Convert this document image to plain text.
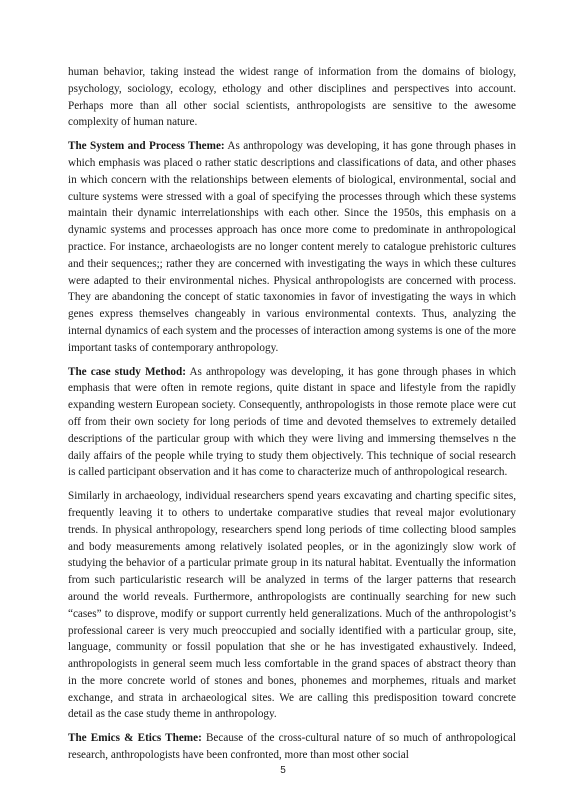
human behavior, taking instead the widest range of information from the domains of biology, psychology, sociology, ecology, ethology and other disciplines and perspectives into account. Perhaps more than all other social scientists, anthropologists are sensitive to the awesome complexity of human nature.

The System and Process Theme: As anthropology was developing, it has gone through phases in which emphasis was placed o rather static descriptions and classifications of data, and other phases in which concern with the relationships between elements of biological, environmental, social and culture systems were stressed with a goal of specifying the processes through which these systems maintain their dynamic interrelationships with each other. Since the 1950s, this emphasis on a dynamic systems and processes approach has once more come to predominate in anthropological practice. For instance, archaeologists are no longer content merely to catalogue prehistoric cultures and their sequences;; rather they are concerned with investigating the ways in which these cultures were adapted to their environmental niches. Physical anthropologists are concerned with process. They are abandoning the concept of static taxonomies in favor of investigating the ways in which genes express themselves changeably in various environmental contexts. Thus, analyzing the internal dynamics of each system and the processes of interaction among systems is one of the more important tasks of contemporary anthropology.

The case study Method: As anthropology was developing, it has gone through phases in which emphasis that were often in remote regions, quite distant in space and lifestyle from the rapidly expanding western European society. Consequently, anthropologists in those remote place were cut off from their own society for long periods of time and devoted themselves to extremely detailed descriptions of the particular group with which they were living and immersing themselves n the daily affairs of the people while trying to study them objectively. This technique of social research is called participant observation and it has come to characterize much of anthropological research.

Similarly in archaeology, individual researchers spend years excavating and charting specific sites, frequently leaving it to others to undertake comparative studies that reveal major evolutionary trends. In physical anthropology, researchers spend long periods of time collecting blood samples and body measurements among relatively isolated peoples, or in the agonizingly slow work of studying the behavior of a particular primate group in its natural habitat. Eventually the information from such particularistic research will be analyzed in terms of the larger patterns that research around the world reveals. Furthermore, anthropologists are continually searching for new such “cases” to disprove, modify or support currently held generalizations. Much of the anthropologist’s professional career is very much preoccupied and socially identified with a particular group, site, language, community or fossil population that she or he has investigated exhaustively. Indeed, anthropologists in general seem much less comfortable in the grand spaces of abstract theory than in the more concrete world of stones and bones, phonemes and morphemes, rituals and market exchange, and strata in archaeological sites. We are calling this predisposition toward concrete detail as the case study theme in anthropology.

The Emics & Etics Theme: Because of the cross-cultural nature of so much of anthropological research, anthropologists have been confronted, more than most other social

5
